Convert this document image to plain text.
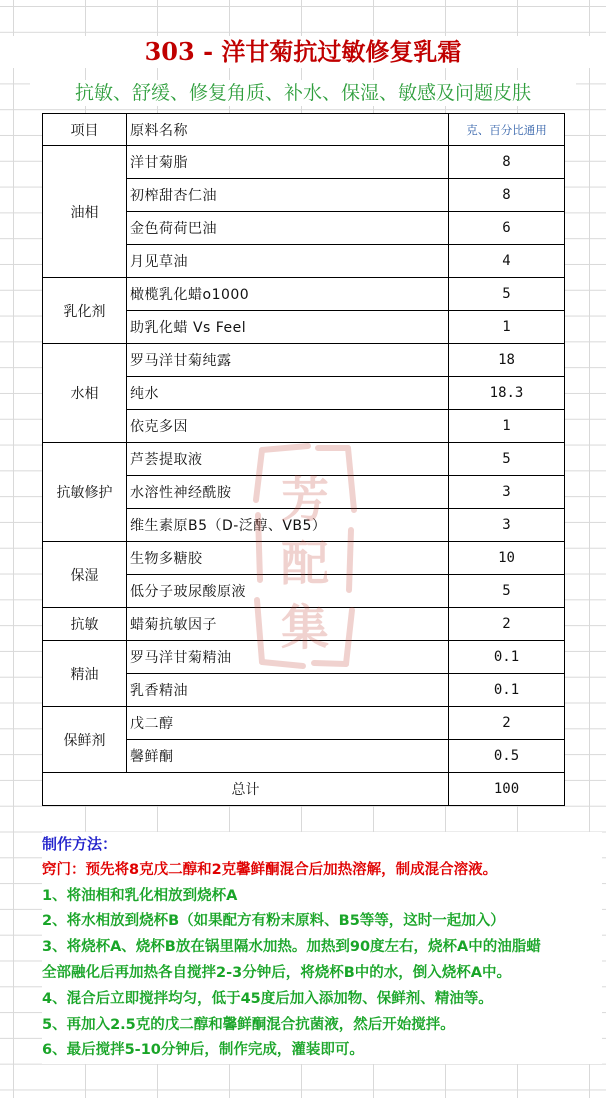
303 - 洋甘菊抗过敏修复乳霜
抗敏、舒缓、修复角质、补水、保湿、敏感及问题皮肤
项目	原料名称	克、百分比通用
油相	洋甘菊脂	8
	初榨甜杏仁油	8
	金色荷荷巴油	6
	月见草油	4
乳化剂	橄榄乳化蜡o1000	5
	助乳化蜡 Vs Feel	1
水相	罗马洋甘菊纯露	18
	纯水	18.3
	依克多因	1
抗敏修护	芦荟提取液	5
	水溶性神经酰胺	3
	维生素原B5（D-泛醇、VB5）	3
保湿	生物多糖胶	10
	低分子玻尿酸原液	5
抗敏	蜡菊抗敏因子	2
精油	罗马洋甘菊精油	0.1
	乳香精油	0.1
保鲜剂	戊二醇	2
	馨鲜酮	0.5
总计		100
芳配集
制作方法：
窍门：预先将8克戊二醇和2克馨鲜酮混合后加热溶解，制成混合溶液。
1、将油相和乳化相放到烧杯A
2、将水相放到烧杯B（如果配方有粉末原料、B5等等，这时一起加入）
3、将烧杯A、烧杯B放在锅里隔水加热。加热到90度左右，烧杯A中的油脂蜡
全部融化后再加热各自搅拌2-3分钟后，将烧杯B中的水，倒入烧杯A中。
4、混合后立即搅拌均匀，低于45度后加入添加物、保鲜剂、精油等。
5、再加入2.5克的戊二醇和馨鲜酮混合抗菌液，然后开始搅拌。
6、最后搅拌5-10分钟后，制作完成，灌装即可。
